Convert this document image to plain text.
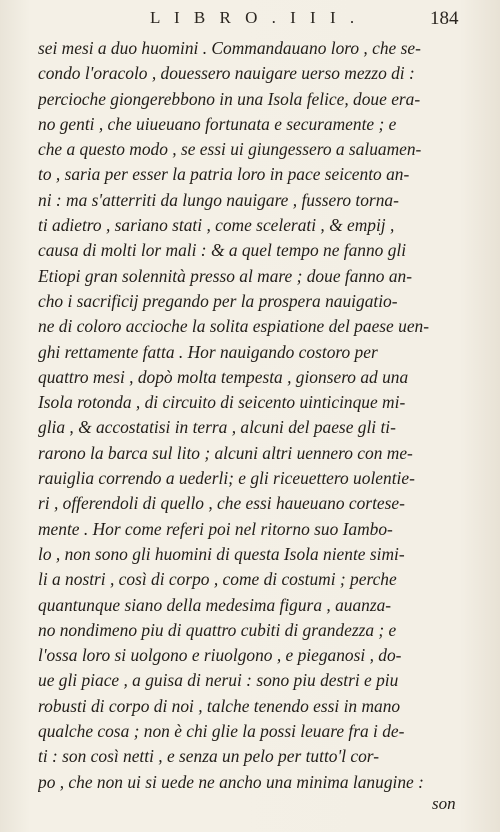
L I B R O . I I I .	184
sei mesi a duo huomini . Commandauano loro , che se-
condo l'oracolo , douessero nauigare uerso mezzo di :
percioche giongerebbono in una Isola felice, doue era-
no genti , che uiueuano fortunata e securamente ; e
che a questo modo , se essi ui giungessero a saluamen-
to , saria per esser la patria loro in pace seicento an-
ni : ma s'atterriti da lungo nauigare , fussero torna-
ti adietro , sariano stati , come scelerati , & empij ,
causa di molti lor mali : & a quel tempo ne fanno gli
Etiopi gran solennità presso al mare ; doue fanno an-
cho i sacrificij pregando per la prospera nauigatio-
ne di coloro accioche la solita espiatione del paese uen-
ghi rettamente fatta . Hor nauigando costoro per
quattro mesi , dopò molta tempesta , gionsero ad una
Isola rotonda , di circuito di seicento uinticinque mi-
glia , & accostatisi in terra , alcuni del paese gli ti-
rarono la barca sul lito ; alcuni altri uennero con me-
rauiglia correndo a uederli; e gli riceuettero uolentie-
ri , offerendoli di quello , che essi haueuano cortese-
mente . Hor come referi poi nel ritorno suo Iambo-
lo , non sono gli huomini di questa Isola niente simi-
li a nostri , così di corpo , come di costumi ; perche
quantunque siano della medesima figura , auanza-
no nondimeno piu di quattro cubiti di grandezza ; e
l'ossa loro si uolgono e riuolgono , e pieganosi , do-
ue gli piace , a guisa di nerui : sono piu destri e piu
robusti di corpo di noi , talche tenendo essi in mano
qualche cosa ; non è chi glie la possi leuare fra i de-
ti : son così netti , e senza un pelo per tutto'l cor-
po , che non ui si uede ne ancho una minima lanugine :
son
